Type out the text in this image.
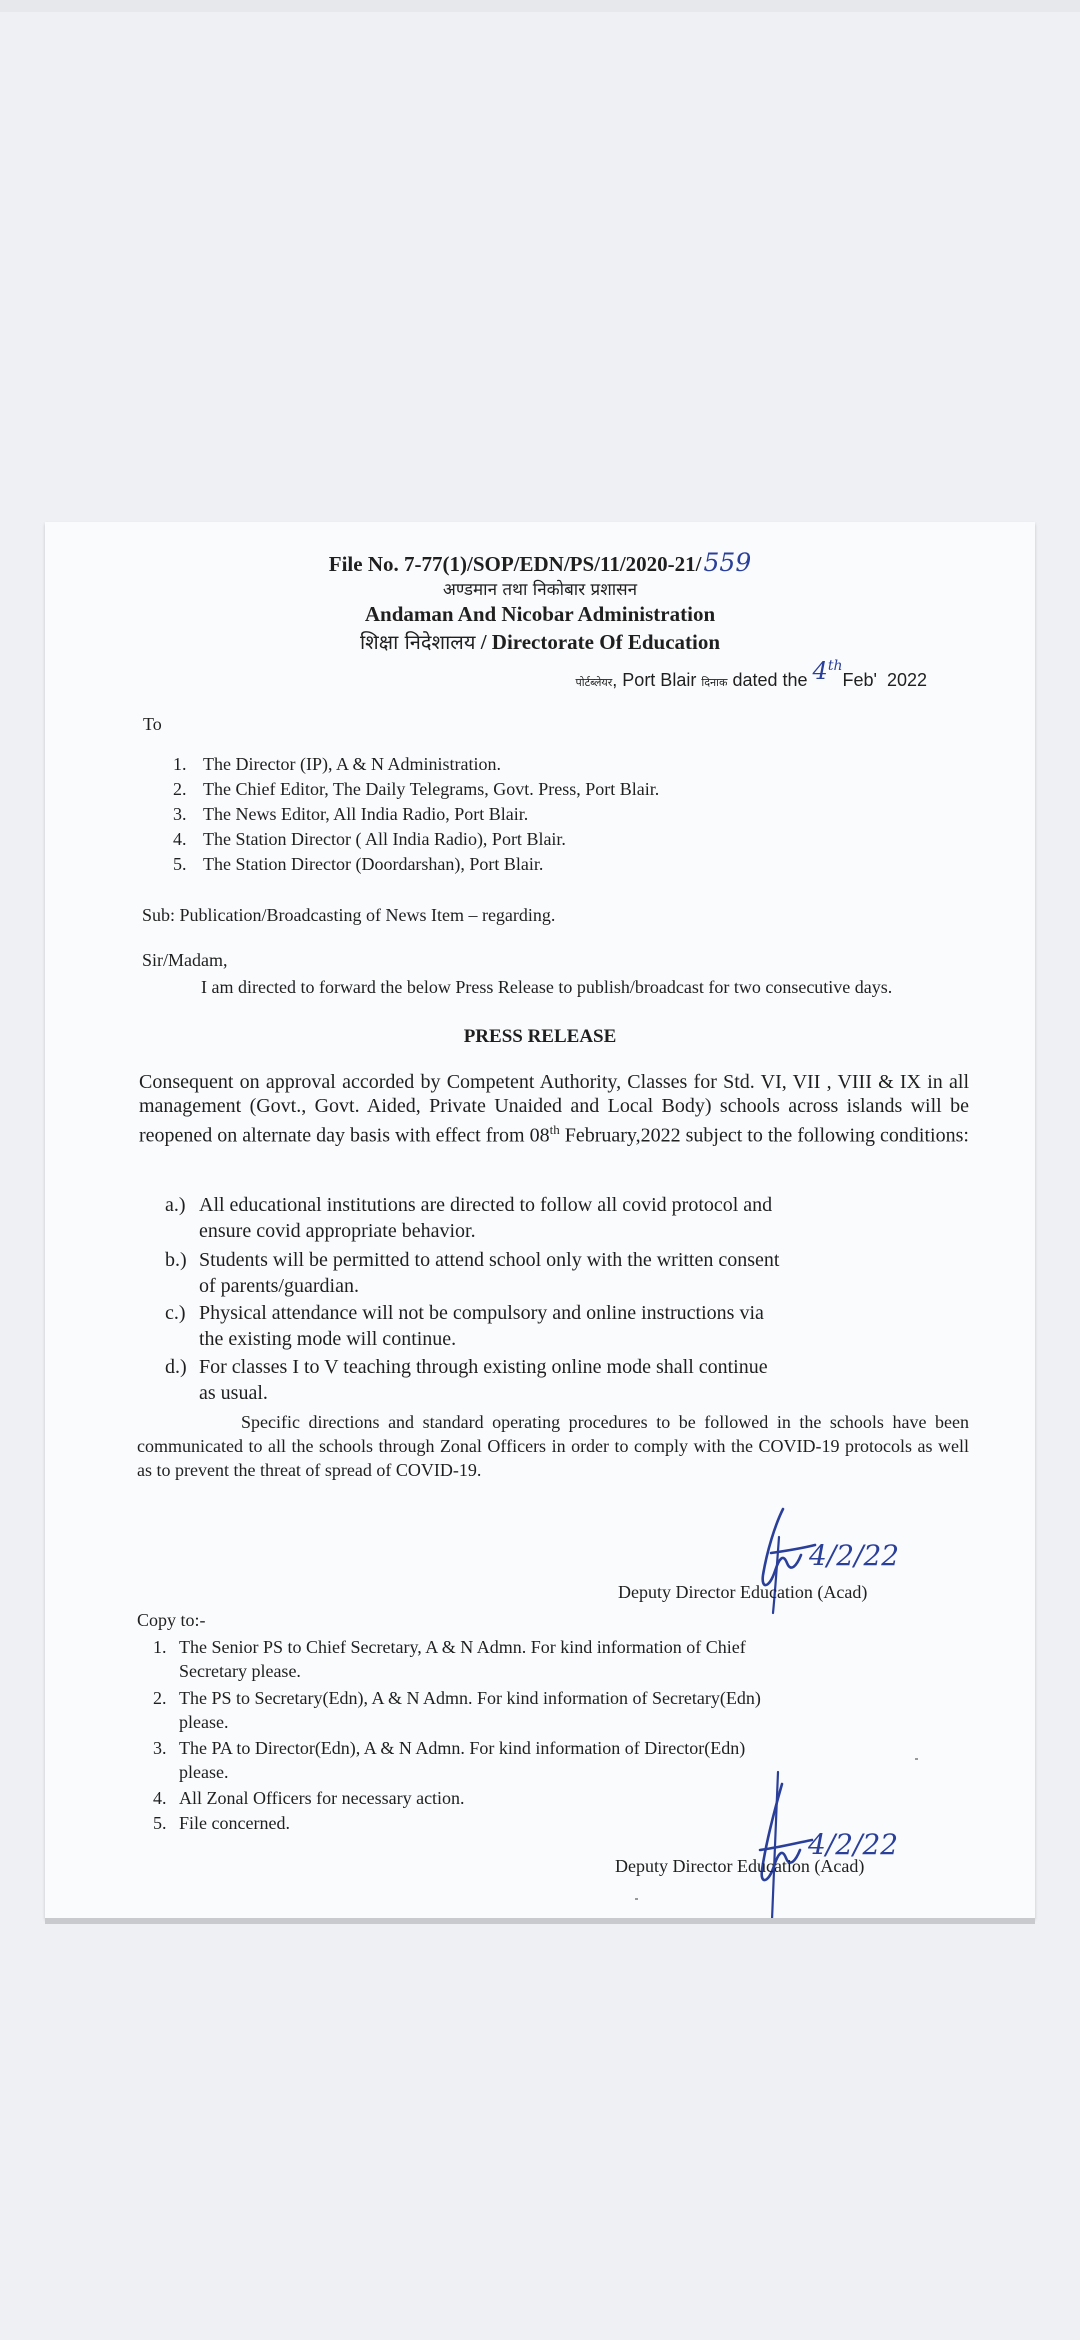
File No. 7-77(1)/SOP/EDN/PS/11/2020-21/559
अण्डमान तथा निकोबार प्रशासन
Andaman And Nicobar Administration
शिक्षा निदेशालय / Directorate Of Education
पोर्टब्लेयर, Port Blair दिनाक dated the 4thFeb' 2022
To
1. The Director (IP), A & N Administration.
2. The Chief Editor, The Daily Telegrams, Govt. Press, Port Blair.
3. The News Editor, All India Radio, Port Blair.
4. The Station Director ( All India Radio), Port Blair.
5. The Station Director (Doordarshan), Port Blair.
Sub: Publication/Broadcasting of News Item – regarding.
Sir/Madam,
I am directed to forward the below Press Release to publish/broadcast for two consecutive days.
PRESS RELEASE
Consequent on approval accorded by Competent Authority, Classes for Std. VI, VII , VIII & IX in all management (Govt., Govt. Aided, Private Unaided and Local Body) schools across islands will be reopened on alternate day basis with effect from 08th February,2022 subject to the following conditions:
a.) All educational institutions are directed to follow all covid protocol and
ensure covid appropriate behavior.
b.) Students will be permitted to attend school only with the written consent
of parents/guardian.
c.) Physical attendance will not be compulsory and online instructions via
the existing mode will continue.
d.) For classes I to V teaching through existing online mode shall continue
as usual.
Specific directions and standard operating procedures to be followed in the schools have been communicated to all the schools through Zonal Officers in order to comply with the COVID-19 protocols as well as to prevent the threat of spread of COVID-19.
4/2/22
Deputy Director Education (Acad)
Copy to:-
1. The Senior PS to Chief Secretary, A & N Admn. For kind information of Chief
Secretary please.
2. The PS to Secretary(Edn), A & N Admn. For kind information of Secretary(Edn)
please.
3. The PA to Director(Edn), A & N Admn. For kind information of Director(Edn)
please.
4. All Zonal Officers for necessary action.
5. File concerned.
4/2/22
Deputy Director Education (Acad)
